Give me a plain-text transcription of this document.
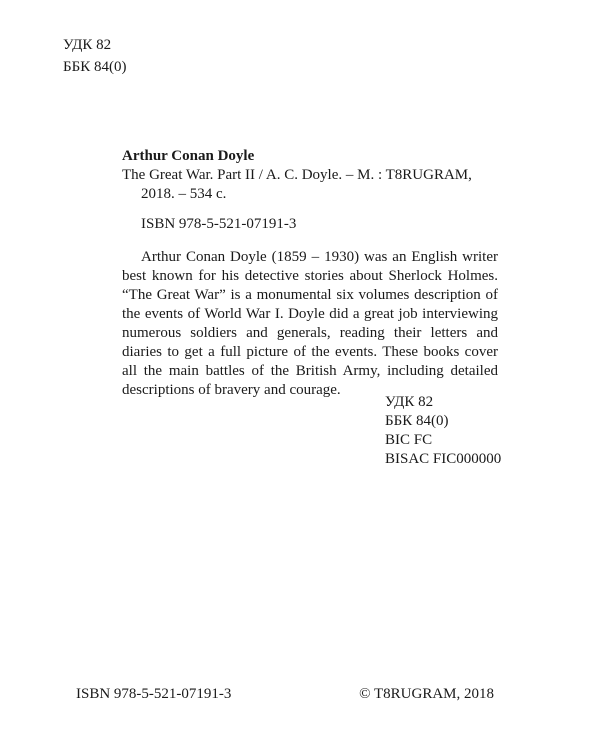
УДК 82
ББК 84(0)

Arthur Conan Doyle

The Great War. Part II / A. C. Doyle. – M. : T8RUGRAM, 2018. – 534 c.

ISBN 978-5-521-07191-3

Arthur Conan Doyle (1859 – 1930) was an English writer best known for his detective stories about Sherlock Holmes. “The Great War” is a monumental six volumes description of the events of World War I. Doyle did a great job interviewing numerous soldiers and generals, reading their letters and diaries to get a full picture of the events. These books cover all the main battles of the British Army, including detailed descriptions of bravery and courage.

УДК 82
ББК 84(0)
BIC FC
BISAC FIC000000
ISBN 978-5-521-07191-3	© T8RUGRAM, 2018
